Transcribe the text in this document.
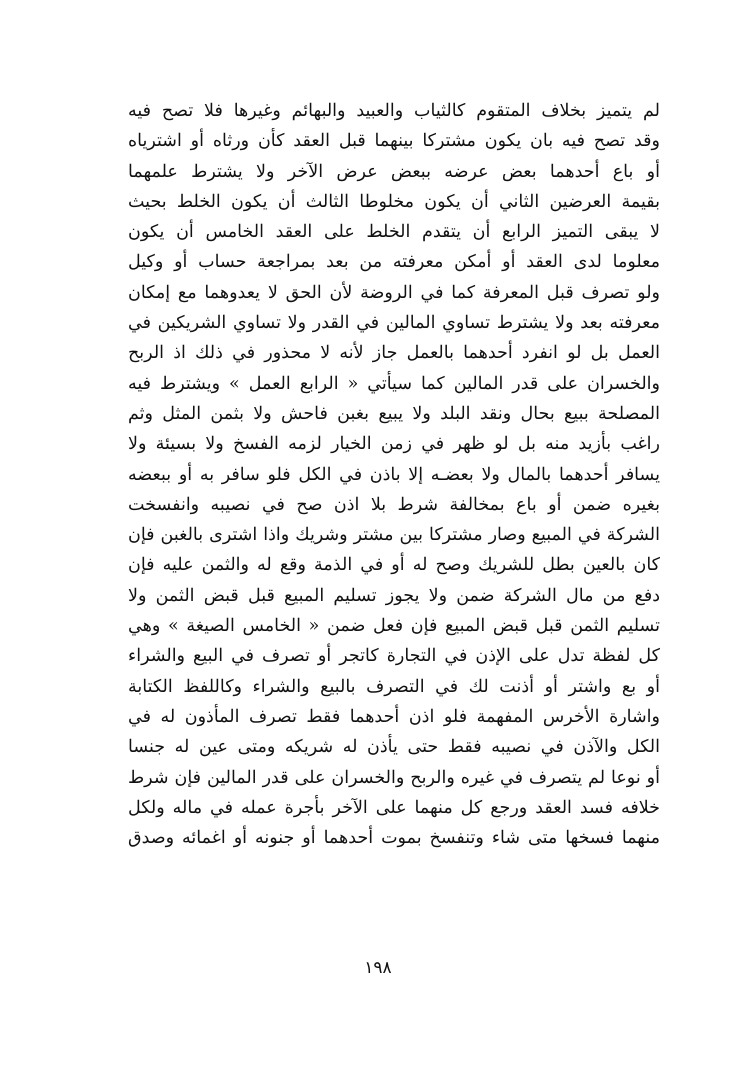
لم يتميز بخلاف المتقوم كالثياب والعبيد والبهائم وغيرها فلا تصح فيه
وقد تصح فيه بان يكون مشتركا بينهما قبل العقد كأن ورثاه أو اشترياه
أو باع أحدهما بعض عرضه ببعض عرض الآخر ولا يشترط علمهما
بقيمة العرضين الثاني أن يكون مخلوطا الثالث أن يكون الخلط بحيث
لا يبقى التميز الرابع أن يتقدم الخلط على العقد الخامس أن يكون
معلوما لدى العقد أو أمكن معرفته من بعد بمراجعة حساب أو وكيل
ولو تصرف قبل المعرفة كما في الروضة لأن الحق لا يعدوهما مع إمكان
معرفته بعد ولا يشترط تساوي المالين في القدر ولا تساوي الشريكين في
العمل بل لو انفرد أحدهما بالعمل جاز لأنه لا محذور في ذلك اذ الربح
والخسران على قدر المالين كما سيأتي « الرابع العمل » ويشترط فيه
المصلحة ببيع بحال ونقد البلد ولا يبيع بغبن فاحش ولا بثمن المثل وثم
راغب بأزيد منه بل لو ظهر في زمن الخيار لزمه الفسخ ولا بسيئة ولا
يسافر أحدهما بالمال ولا بعضـه إلا باذن في الكل فلو سافر به أو ببعضه
بغيره ضمن أو باع بمخالفة شرط بلا اذن صح في نصيبه وانفسخت
الشركة في المبيع وصار مشتركا بين مشتر وشريك واذا اشترى بالغبن فإن
كان بالعين بطل للشريك وصح له أو في الذمة وقع له والثمن عليه فإن
دفع من مال الشركة ضمن ولا يجوز تسليم المبيع قبل قبض الثمن ولا
تسليم الثمن قبل قبض المبيع فإن فعل ضمن « الخامس الصيغة » وهي
كل لفظة تدل على الإذن في التجارة كاتجر أو تصرف في البيع والشراء
أو بع واشتر أو أذنت لك في التصرف بالبيع والشراء وكاللفظ الكتابة
واشارة الأخرس المفهمة فلو اذن أحدهما فقط تصرف المأذون له في
الكل والآذن في نصيبه فقط حتى يأذن له شريكه ومتى عين له جنسا
أو نوعا لم يتصرف في غيره والربح والخسران على قدر المالين فإن شرط
خلافه فسد العقد ورجع كل منهما على الآخر بأجرة عمله في ماله ولكل
منهما فسخها متى شاء وتنفسخ بموت أحدهما أو جنونه أو اغمائه وصدق
١٩٨
